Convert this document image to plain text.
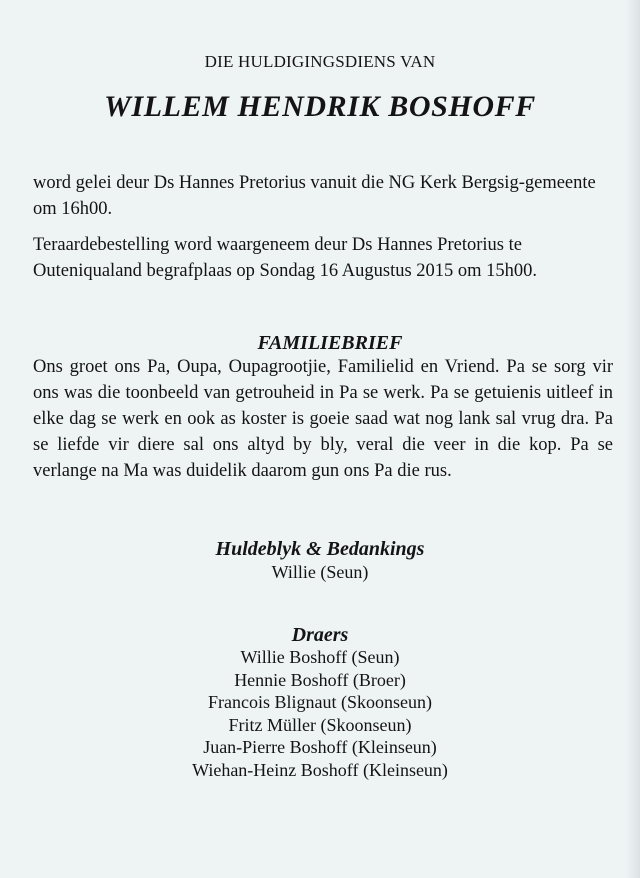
DIE HULDIGINGSDIENS VAN
WILLEM HENDRIK BOSHOFF

word gelei deur Ds Hannes Pretorius vanuit die NG Kerk Bergsig-gemeente om 16h00.

Teraardebestelling word waargeneem deur Ds Hannes Pretorius te Outeniqualand begrafplaas op Sondag 16 Augustus 2015 om 15h00.

FAMILIEBRIEF

Ons groet ons Pa, Oupa, Oupagrootjie, Familielid en Vriend. Pa se sorg vir ons was die toonbeeld van getrouheid in Pa se werk. Pa se getuienis uitleef in elke dag se werk en ook as koster is goeie saad wat nog lank sal vrug dra. Pa se liefde vir diere sal ons altyd by bly, veral die veer in die kop. Pa se verlange na Ma was duidelik daarom gun ons Pa die rus.

Huldeblyk & Bedankings
Willie (Seun)
Draers
Willie Boshoff (Seun)
Hennie Boshoff (Broer)
Francois Blignaut (Skoonseun)
Fritz Müller (Skoonseun)
Juan-Pierre Boshoff (Kleinseun)
Wiehan-Heinz Boshoff (Kleinseun)
